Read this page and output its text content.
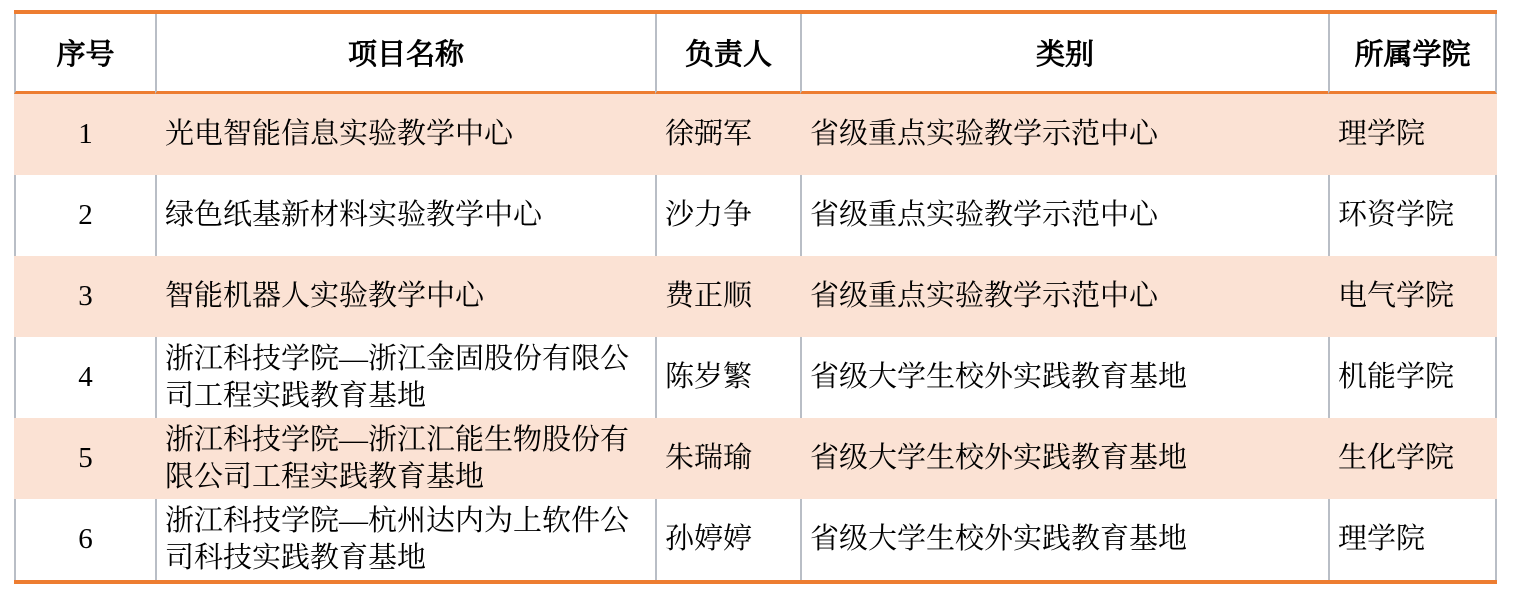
序号	项目名称	负责人	类别	所属学院
1	光电智能信息实验教学中心	徐弼军	省级重点实验教学示范中心	理学院
2	绿色纸基新材料实验教学中心	沙力争	省级重点实验教学示范中心	环资学院
3	智能机器人实验教学中心	费正顺	省级重点实验教学示范中心	电气学院
4	浙江科技学院—浙江金固股份有限公司工程实践教育基地	陈岁繁	省级大学生校外实践教育基地	机能学院
5	浙江科技学院—浙江汇能生物股份有限公司工程实践教育基地	朱瑞瑜	省级大学生校外实践教育基地	生化学院
6	浙江科技学院—杭州达内为上软件公司科技实践教育基地	孙婷婷	省级大学生校外实践教育基地	理学院
